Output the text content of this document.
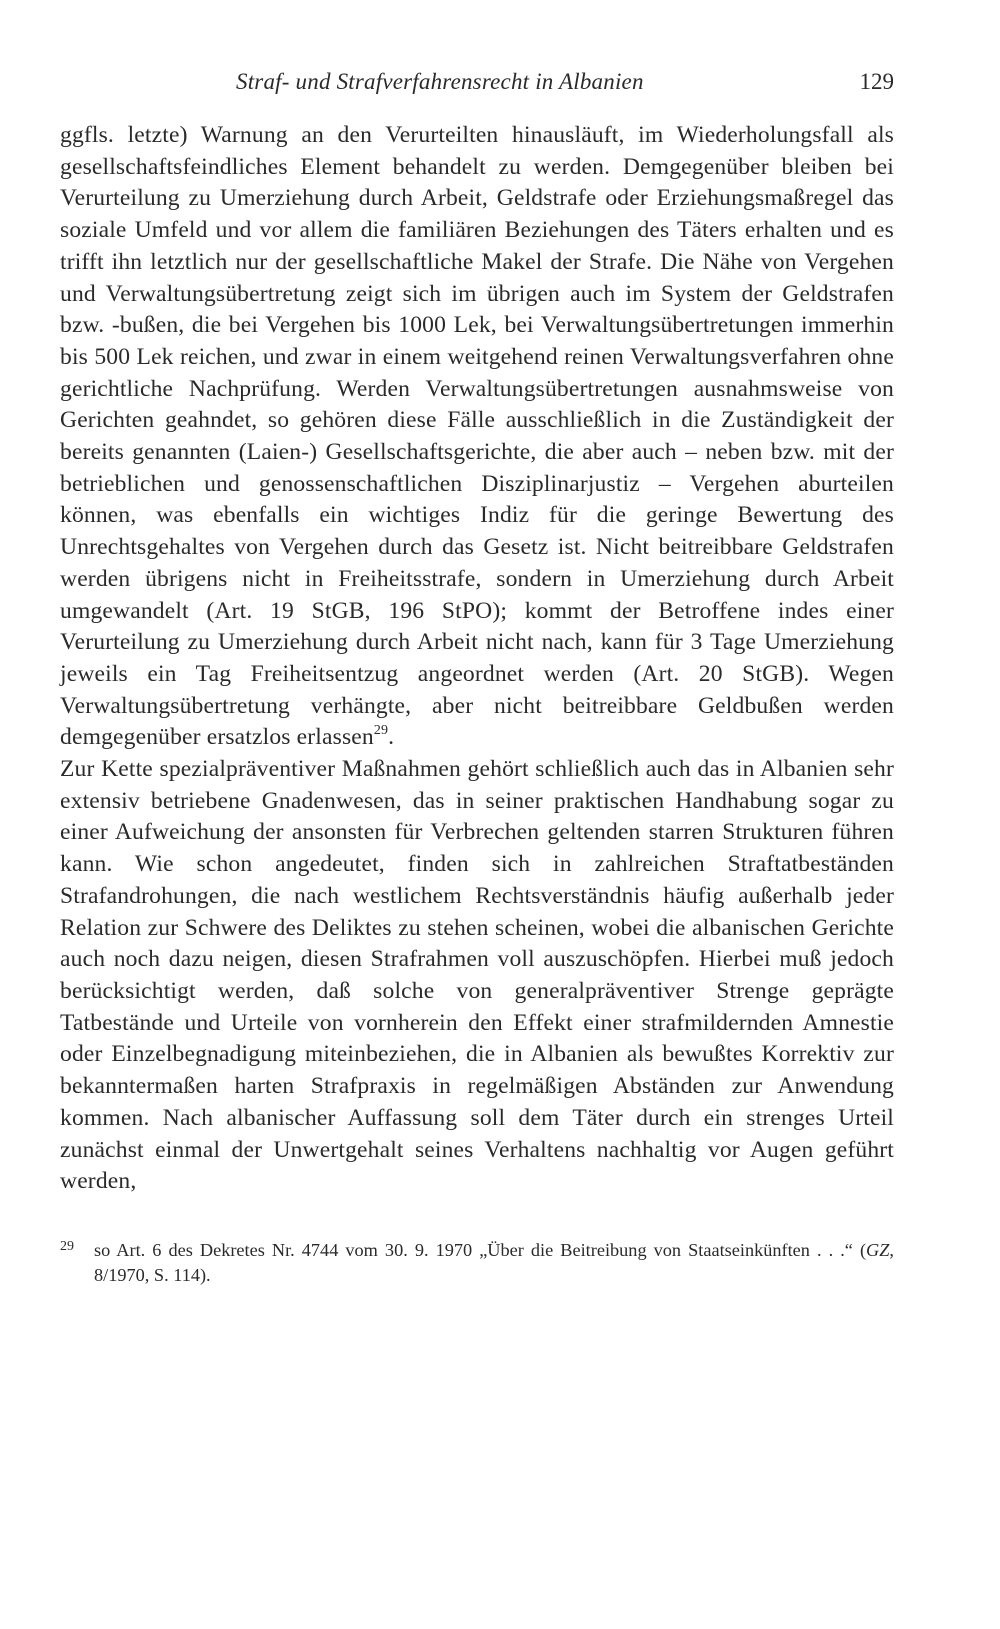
Straf- und Strafverfahrensrecht in Albanien	129

ggfls. letzte) Warnung an den Verurteilten hinausläuft, im Wiederholungsfall als gesellschaftsfeindliches Element behandelt zu werden. Demgegenüber bleiben bei Verurteilung zu Umerziehung durch Arbeit, Geldstrafe oder Erziehungsmaßregel das soziale Umfeld und vor allem die familiären Beziehungen des Täters erhalten und es trifft ihn letztlich nur der gesellschaftliche Makel der Strafe. Die Nähe von Vergehen und Verwaltungsübertretung zeigt sich im übrigen auch im System der Geldstrafen bzw. -bußen, die bei Vergehen bis 1000 Lek, bei Verwaltungsübertretungen immerhin bis 500 Lek reichen, und zwar in einem weitgehend reinen Verwaltungsverfahren ohne gerichtliche Nachprüfung. Werden Verwaltungsübertretungen ausnahmsweise von Gerichten geahndet, so gehören diese Fälle ausschließlich in die Zuständigkeit der bereits genannten (Laien-) Gesellschaftsgerichte, die aber auch – neben bzw. mit der betrieblichen und genossenschaftlichen Disziplinarjustiz – Vergehen aburteilen können, was ebenfalls ein wichtiges Indiz für die geringe Bewertung des Unrechtsgehaltes von Vergehen durch das Gesetz ist. Nicht beitreibbare Geldstrafen werden übrigens nicht in Freiheitsstrafe, sondern in Umerziehung durch Arbeit umgewandelt (Art. 19 StGB, 196 StPO); kommt der Betroffene indes einer Verurteilung zu Umerziehung durch Arbeit nicht nach, kann für 3 Tage Umerziehung jeweils ein Tag Freiheitsentzug angeordnet werden (Art. 20 StGB). Wegen Verwaltungsübertretung verhängte, aber nicht beitreibbare Geldbußen werden demgegenüber ersatzlos erlassen$^{29}$.

Zur Kette spezialpräventiver Maßnahmen gehört schließlich auch das in Albanien sehr extensiv betriebene Gnadenwesen, das in seiner praktischen Handhabung sogar zu einer Aufweichung der ansonsten für Verbrechen geltenden starren Strukturen führen kann. Wie schon angedeutet, finden sich in zahlreichen Straftatbeständen Strafandrohungen, die nach westlichem Rechtsverständnis häufig außerhalb jeder Relation zur Schwere des Deliktes zu stehen scheinen, wobei die albanischen Gerichte auch noch dazu neigen, diesen Strafrahmen voll auszuschöpfen. Hierbei muß jedoch berücksichtigt werden, daß solche von generalpräventiver Strenge geprägte Tatbestände und Urteile von vornherein den Effekt einer strafmildernden Amnestie oder Einzelbegnadigung miteinbeziehen, die in Albanien als bewußtes Korrektiv zur bekanntermaßen harten Strafpraxis in regelmäßigen Abständen zur Anwendung kommen. Nach albanischer Auffassung soll dem Täter durch ein strenges Urteil zunächst einmal der Unwertgehalt seines Verhaltens nachhaltig vor Augen geführt werden,

29 so Art. 6 des Dekretes Nr. 4744 vom 30. 9. 1970 „Über die Beitreibung von Staatseinkünften . . .“ (GZ, 8/1970, S. 114).
